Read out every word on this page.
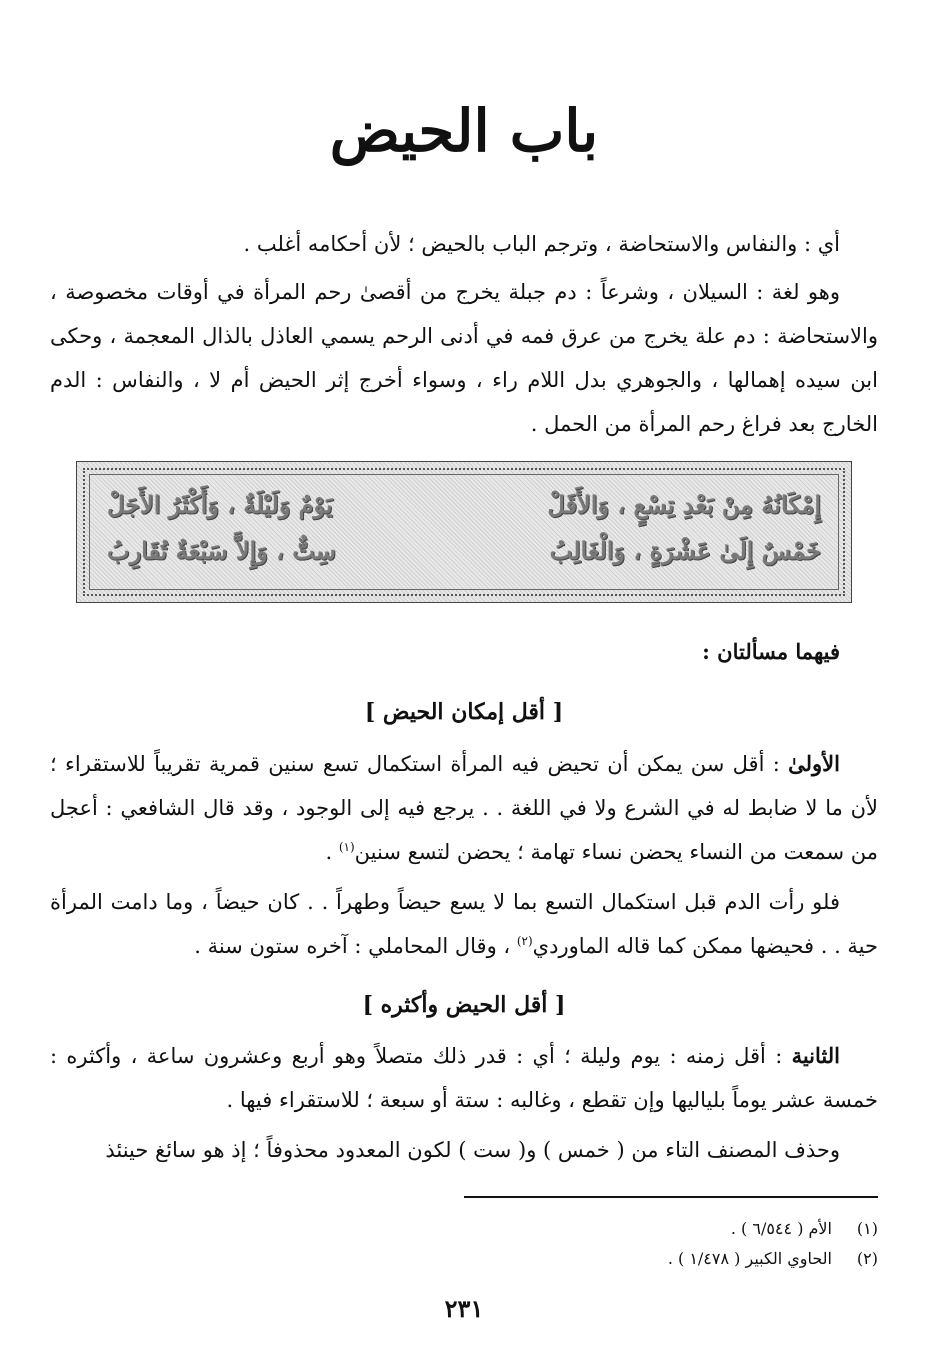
باب الحيض

أي : والنفاس والاستحاضة ، وترجم الباب بالحيض ؛ لأن أحكامه أغلب .

وهو لغة : السيلان ، وشرعاً : دم جبلة يخرج من أقصىٰ رحم المرأة في أوقات مخصوصة ، والاستحاضة : دم علة يخرج من عرق فمه في أدنى الرحم يسمي العاذل بالذال المعجمة ، وحكى ابن سيده إهمالها ، والجوهري بدل اللام راء ، وسواء أخرج إثر الحيض أم لا ، والنفاس : الدم الخارج بعد فراغ رحم المرأة من الحمل .

إِمْكَانُهُ مِنْ بَعْدِ تِسْعٍ ، وَالأَقَلْ
يَوْمٌ وَلَيْلَةٌ ، وَأَكْثَرُ الأَجَلْ
خَمْسٌ إِلَىٰ عَشْرَةٍ ، وَالْغَالِبُ
سِتٌّ ، وَإِلاَّ سَبْعَةٌ تُقَارِبُ

فيهما مسألتان :

[ أقل إمكان الحيض ]

الأولىٰ : أقل سن يمكن أن تحيض فيه المرأة استكمال تسع سنين قمرية تقريباً للاستقراء ؛ لأن ما لا ضابط له في الشرع ولا في اللغة . . يرجع فيه إلى الوجود ، وقد قال الشافعي : أعجل من سمعت من النساء يحضن نساء تهامة ؛ يحضن لتسع سنين$^{(١)}$ .

فلو رأت الدم قبل استكمال التسع بما لا يسع حيضاً وطهراً . . كان حيضاً ، وما دامت المرأة حية . . فحيضها ممكن كما قاله الماوردي$^{(٢)}$ ، وقال المحاملي : آخره ستون سنة .

[ أقل الحيض وأكثره ]

الثانية : أقل زمنه : يوم وليلة ؛ أي : قدر ذلك متصلاً وهو أربع وعشرون ساعة ، وأكثره : خمسة عشر يوماً بلياليها وإن تقطع ، وغالبه : ستة أو سبعة ؛ للاستقراء فيها .

وحذف المصنف التاء من ( خمس ) و( ست ) لكون المعدود محذوفاً ؛ إذ هو سائغ حينئذ

(١)
الأم ( ٦/٥٤٤ ) .
(٢)
الحاوي الكبير ( ١/٤٧٨ ) .
٢٣١
